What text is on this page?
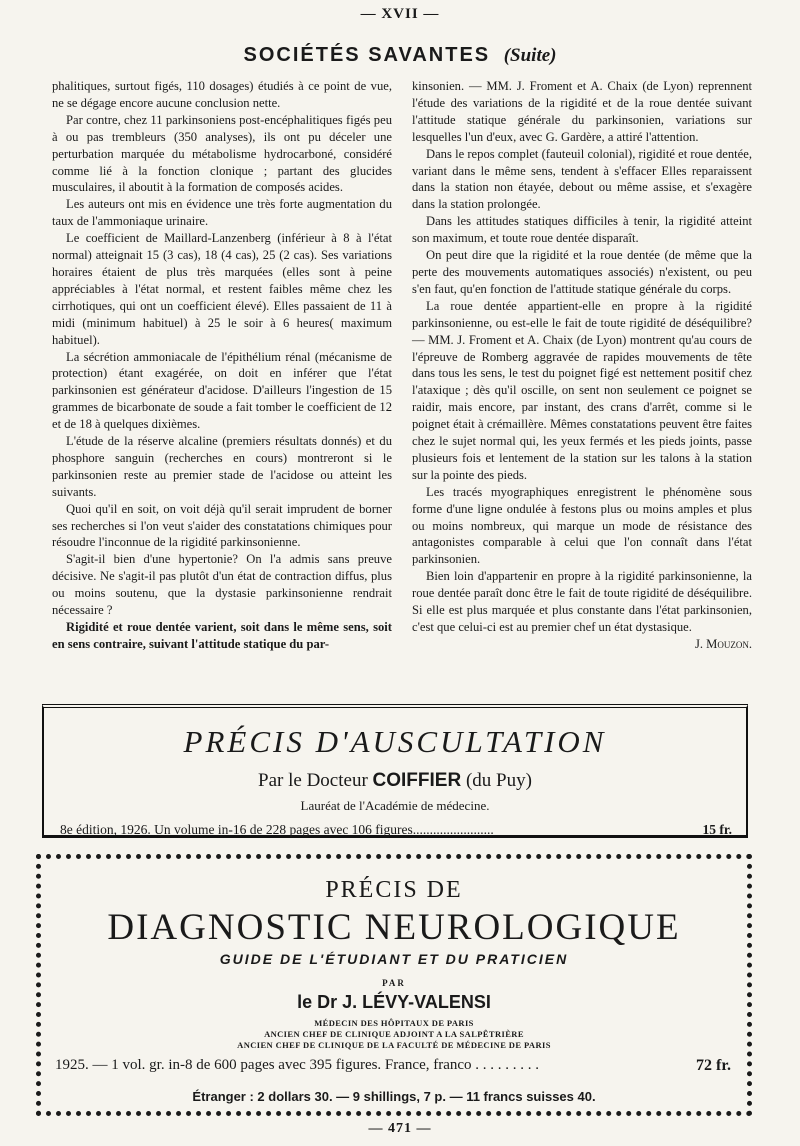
— XVII —
SOCIÉTÉS SAVANTES (Suite)

phalitiques, surtout figés, 110 dosages) étudiés à ce point de vue, ne se dégage encore aucune conclusion nette.

Par contre, chez 11 parkinsoniens post-encéphalitiques figés peu à ou pas trembleurs (350 analyses), ils ont pu déceler une perturbation marquée du métabolisme hydrocarboné, considéré comme lié à la fonction clonique ; partant des glucides musculaires, il aboutit à la formation de composés acides.

Les auteurs ont mis en évidence une très forte augmentation du taux de l'ammoniaque urinaire.

Le coefficient de Maillard-Lanzenberg (inférieur à 8 à l'état normal) atteignait 15 (3 cas), 18 (4 cas), 25 (2 cas). Ses variations horaires étaient de plus très marquées (elles sont à peine appréciables à l'état normal, et restent faibles même chez les cirrhotiques, qui ont un coefficient élevé). Elles passaient de 11 à midi (minimum habituel) à 25 le soir à 6 heures( maximum habituel).

La sécrétion ammoniacale de l'épithélium rénal (mécanisme de protection) étant exagérée, on doit en inférer que l'état parkinsonien est générateur d'acidose. D'ailleurs l'ingestion de 15 grammes de bicarbonate de soude a fait tomber le coefficient de 12 et de 18 à quelques dixièmes.

L'étude de la réserve alcaline (premiers résultats donnés) et du phosphore sanguin (recherches en cours) montreront si le parkinsonien reste au premier stade de l'acidose ou atteint les suivants.

Quoi qu'il en soit, on voit déjà qu'il serait imprudent de borner ses recherches si l'on veut s'aider des constatations chimiques pour résoudre l'inconnue de la rigidité parkinsonienne.

S'agit-il bien d'une hypertonie? On l'a admis sans preuve décisive. Ne s'agit-il pas plutôt d'un état de contraction diffus, plus ou moins soutenu, que la dystasie parkinsonienne rendrait nécessaire ?

Rigidité et roue dentée varient, soit dans le même sens, soit en sens contraire, suivant l'attitude statique du par-

kinsonien. — MM. J. Froment et A. Chaix (de Lyon) reprennent l'étude des variations de la rigidité et de la roue dentée suivant l'attitude statique générale du parkinsonien, variations sur lesquelles l'un d'eux, avec G. Gardère, a attiré l'attention.

Dans le repos complet (fauteuil colonial), rigidité et roue dentée, variant dans le même sens, tendent à s'effacer Elles reparaissent dans la station non étayée, debout ou même assise, et s'exagère dans la station prolongée.

Dans les attitudes statiques difficiles à tenir, la rigidité atteint son maximum, et toute roue dentée disparaît.

On peut dire que la rigidité et la roue dentée (de même que la perte des mouvements automatiques associés) n'existent, ou peu s'en faut, qu'en fonction de l'attitude statique générale du corps.

La roue dentée appartient-elle en propre à la rigidité parkinsonienne, ou est-elle le fait de toute rigidité de déséquilibre? — MM. J. Froment et A. Chaix (de Lyon) montrent qu'au cours de l'épreuve de Romberg aggravée de rapides mouvements de tête dans tous les sens, le test du poignet figé est nettement positif chez l'ataxique ; dès qu'il oscille, on sent non seulement ce poignet se raidir, mais encore, par instant, des crans d'arrêt, comme si le poignet était à crémaillère. Mêmes constatations peuvent être faites chez le sujet normal qui, les yeux fermés et les pieds joints, passe plusieurs fois et lentement de la station sur les talons à la station sur la pointe des pieds.

Les tracés myographiques enregistrent le phénomène sous forme d'une ligne ondulée à festons plus ou moins amples et plus ou moins nombreux, qui marque un mode de résistance des antagonistes comparable à celui que l'on connaît dans l'état parkinsonien.

Bien loin d'appartenir en propre à la rigidité parkinsonienne, la roue dentée paraît donc être le fait de toute rigidité de déséquilibre. Si elle est plus marquée et plus constante dans l'état parkinsonien, c'est que celui-ci est au premier chef un état dystasique.

J. Mouzon.

PRÉCIS D'AUSCULTATION
Par le Docteur COIFFIER (du Puy)
Lauréat de l'Académie de médecine.
8e édition, 1926. Un volume in-16 de 228 pages avec 106 figures........................	15 fr.
PRÉCIS DE
DIAGNOSTIC NEUROLOGIQUE
GUIDE DE L'ÉTUDIANT ET DU PRATICIEN
PAR
le Dr J. LÉVY-VALENSI
MÉDECIN DES HÔPITAUX DE PARIS
ANCIEN CHEF DE CLINIQUE ADJOINT A LA SALPÊTRIÈRE
ANCIEN CHEF DE CLINIQUE DE LA FACULTÉ DE MÉDECINE DE PARIS
1925. — 1 vol. gr. in-8 de 600 pages avec 395 figures. France, franco . . . . . . . . .	72 fr.
Étranger : 2 dollars 30. — 9 shillings, 7 p. — 11 francs suisses 40.
— 471 —
